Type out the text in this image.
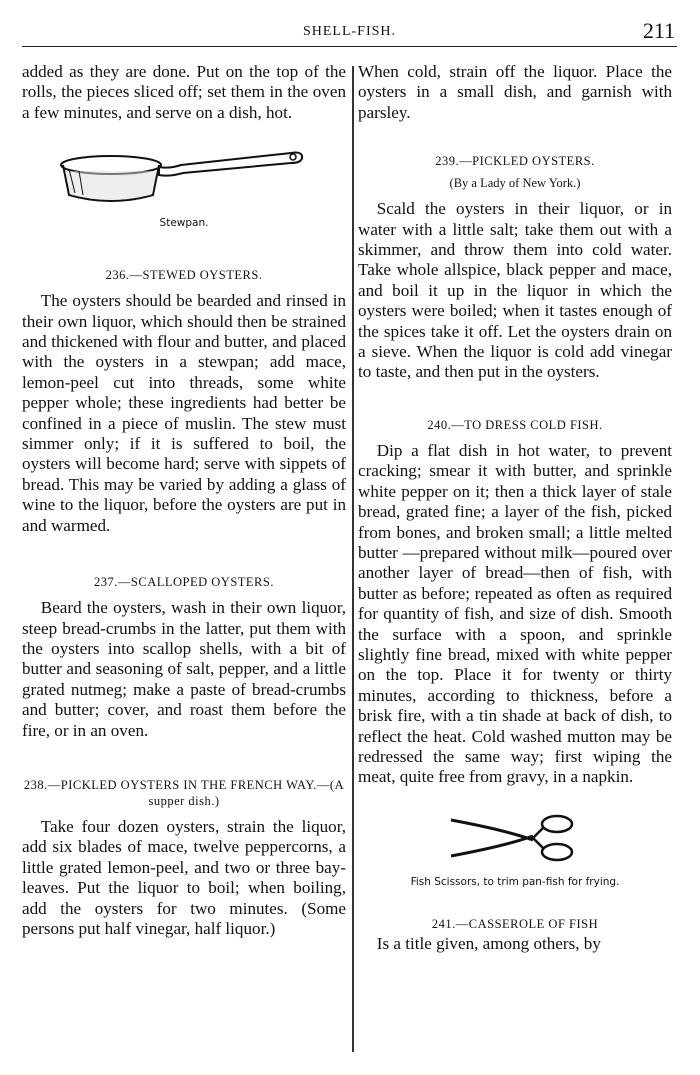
SHELL-FISH.	211
added as they are done. Put on the top of the rolls, the pieces sliced off; set them in the oven a few minutes, and serve on a dish, hot.
Stewpan.
236.—STEWED OYSTERS.
The oysters should be bearded and rinsed in their own liquor, which should then be strained and thickened with flour and butter, and placed with the oysters in a stewpan; add mace, lemon-peel cut into threads, some white pepper whole; these ingredients had better be confined in a piece of muslin. The stew must simmer only; if it is suffered to boil, the oysters will become hard; serve with sippets of bread. This may be varied by adding a glass of wine to the liquor, before the oysters are put in and warmed.
237.—SCALLOPED OYSTERS.
Beard the oysters, wash in their own liquor, steep bread-crumbs in the latter, put them with the oysters into scallop shells, with a bit of butter and seasoning of salt, pepper, and a little grated nutmeg; make a paste of bread-crumbs and butter; cover, and roast them before the fire, or in an oven.
238.—PICKLED OYSTERS IN THE FRENCH WAY.—(A supper dish.)
Take four dozen oysters, strain the liquor, add six blades of mace, twelve peppercorns, a little grated lemon-peel, and two or three bay-leaves. Put the liquor to boil; when boiling, add the oysters for two minutes. (Some persons put half vinegar, half liquor.)
When cold, strain off the liquor. Place the oysters in a small dish, and garnish with parsley.
239.—PICKLED OYSTERS.
(By a Lady of New York.)
Scald the oysters in their liquor, or in water with a little salt; take them out with a skimmer, and throw them into cold water. Take whole allspice, black pepper and mace, and boil it up in the liquor in which the oysters were boiled; when it tastes enough of the spices take it off. Let the oysters drain on a sieve. When the liquor is cold add vinegar to taste, and then put in the oysters.
240.—TO DRESS COLD FISH.
Dip a flat dish in hot water, to prevent cracking; smear it with butter, and sprinkle white pepper on it; then a thick layer of stale bread, grated fine; a layer of the fish, picked from bones, and broken small; a little melted butter —prepared without milk—poured over another layer of bread—then of fish, with butter as before; repeated as often as required for quantity of fish, and size of dish. Smooth the surface with a spoon, and sprinkle slightly fine bread, mixed with white pepper on the top. Place it for twenty or thirty minutes, according to thickness, before a brisk fire, with a tin shade at back of dish, to reflect the heat. Cold washed mutton may be redressed the same way; first wiping the meat, quite free from gravy, in a napkin.
Fish Scissors, to trim pan-fish for frying.
241.—CASSEROLE OF FISH
Is a title given, among others, by
